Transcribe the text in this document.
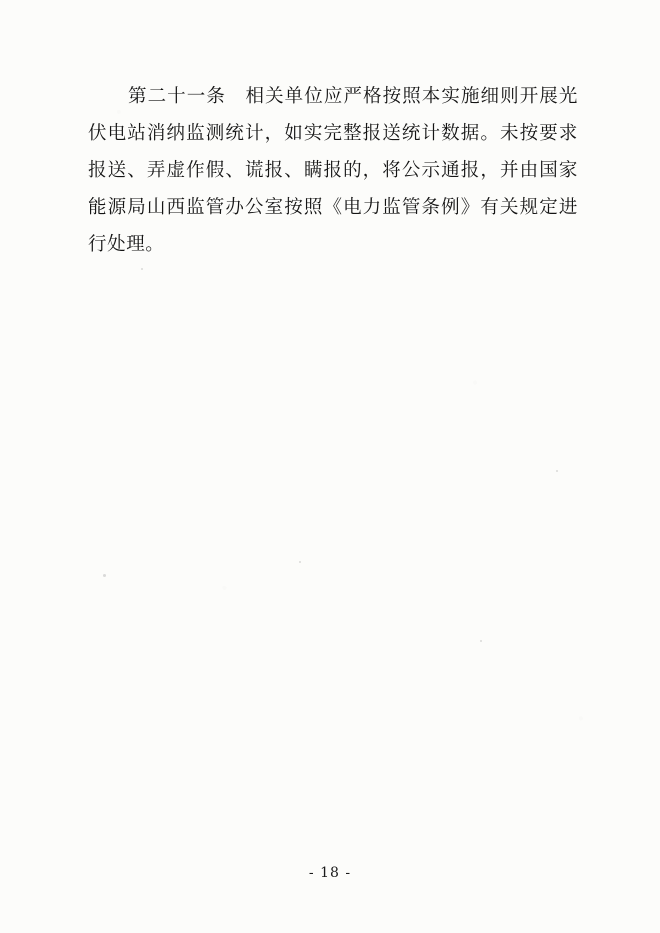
第二十一条　相关单位应严格按照本实施细则开展光伏电站消纳监测统计，如实完整报送统计数据。未按要求报送、弄虚作假、谎报、瞒报的，将公示通报，并由国家能源局山西监管办公室按照《电力监管条例》有关规定进行处理。

- 18 -
